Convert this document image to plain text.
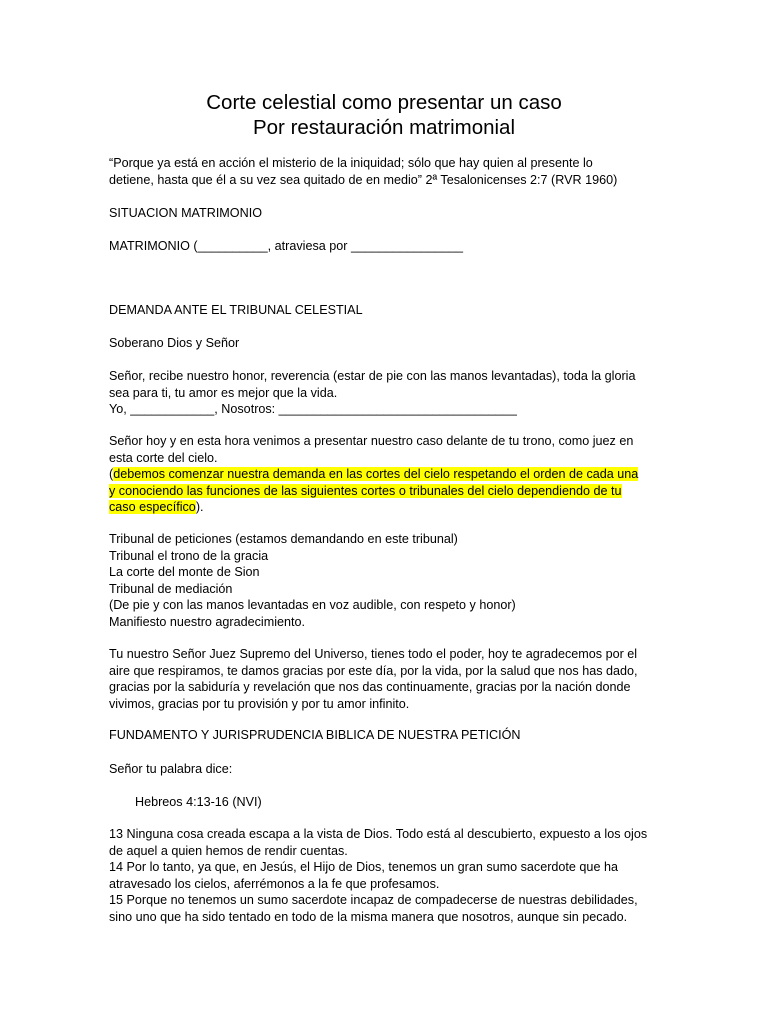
Corte celestial como presentar un caso
Por restauración matrimonial

“Porque ya está en acción el misterio de la iniquidad; sólo que hay quien al presente lo

detiene, hasta que él a su vez sea quitado de en medio” 2ª Tesalonicenses 2:7 (RVR 1960)

SITUACION MATRIMONIO

MATRIMONIO (__________, atraviesa por ________________

DEMANDA ANTE EL TRIBUNAL CELESTIAL

Soberano Dios y Señor

Señor, recibe nuestro honor, reverencia (estar de pie con las manos levantadas), toda la gloria

sea para ti, tu amor es mejor que la vida.

Yo, ____________, Nosotros: __________________________________

Señor hoy y en esta hora venimos a presentar nuestro caso delante de tu trono, como juez en

esta corte del cielo.

(debemos comenzar nuestra demanda en las cortes del cielo respetando el orden de cada una

y conociendo las funciones de las siguientes cortes o tribunales del cielo dependiendo de tu

caso específico).

Tribunal de peticiones (estamos demandando en este tribunal)

Tribunal el trono de la gracia

La corte del monte de Sion

Tribunal de mediación

(De pie y con las manos levantadas en voz audible, con respeto y honor)

Manifiesto nuestro agradecimiento.

Tu nuestro Señor Juez Supremo del Universo, tienes todo el poder, hoy te agradecemos por el

aire que respiramos, te damos gracias por este día, por la vida, por la salud que nos has dado,

gracias por la sabiduría y revelación que nos das continuamente, gracias por la nación donde

vivimos, gracias por tu provisión y por tu amor infinito.

FUNDAMENTO Y JURISPRUDENCIA BIBLICA DE NUESTRA PETICIÓN

Señor tu palabra dice:

Hebreos 4:13-16 (NVI)

13 Ninguna cosa creada escapa a la vista de Dios. Todo está al descubierto, expuesto a los ojos

de aquel a quien hemos de rendir cuentas.

14 Por lo tanto, ya que, en Jesús, el Hijo de Dios, tenemos un gran sumo sacerdote que ha

atravesado los cielos, aferrémonos a la fe que profesamos.

15 Porque no tenemos un sumo sacerdote incapaz de compadecerse de nuestras debilidades,

sino uno que ha sido tentado en todo de la misma manera que nosotros, aunque sin pecado.
